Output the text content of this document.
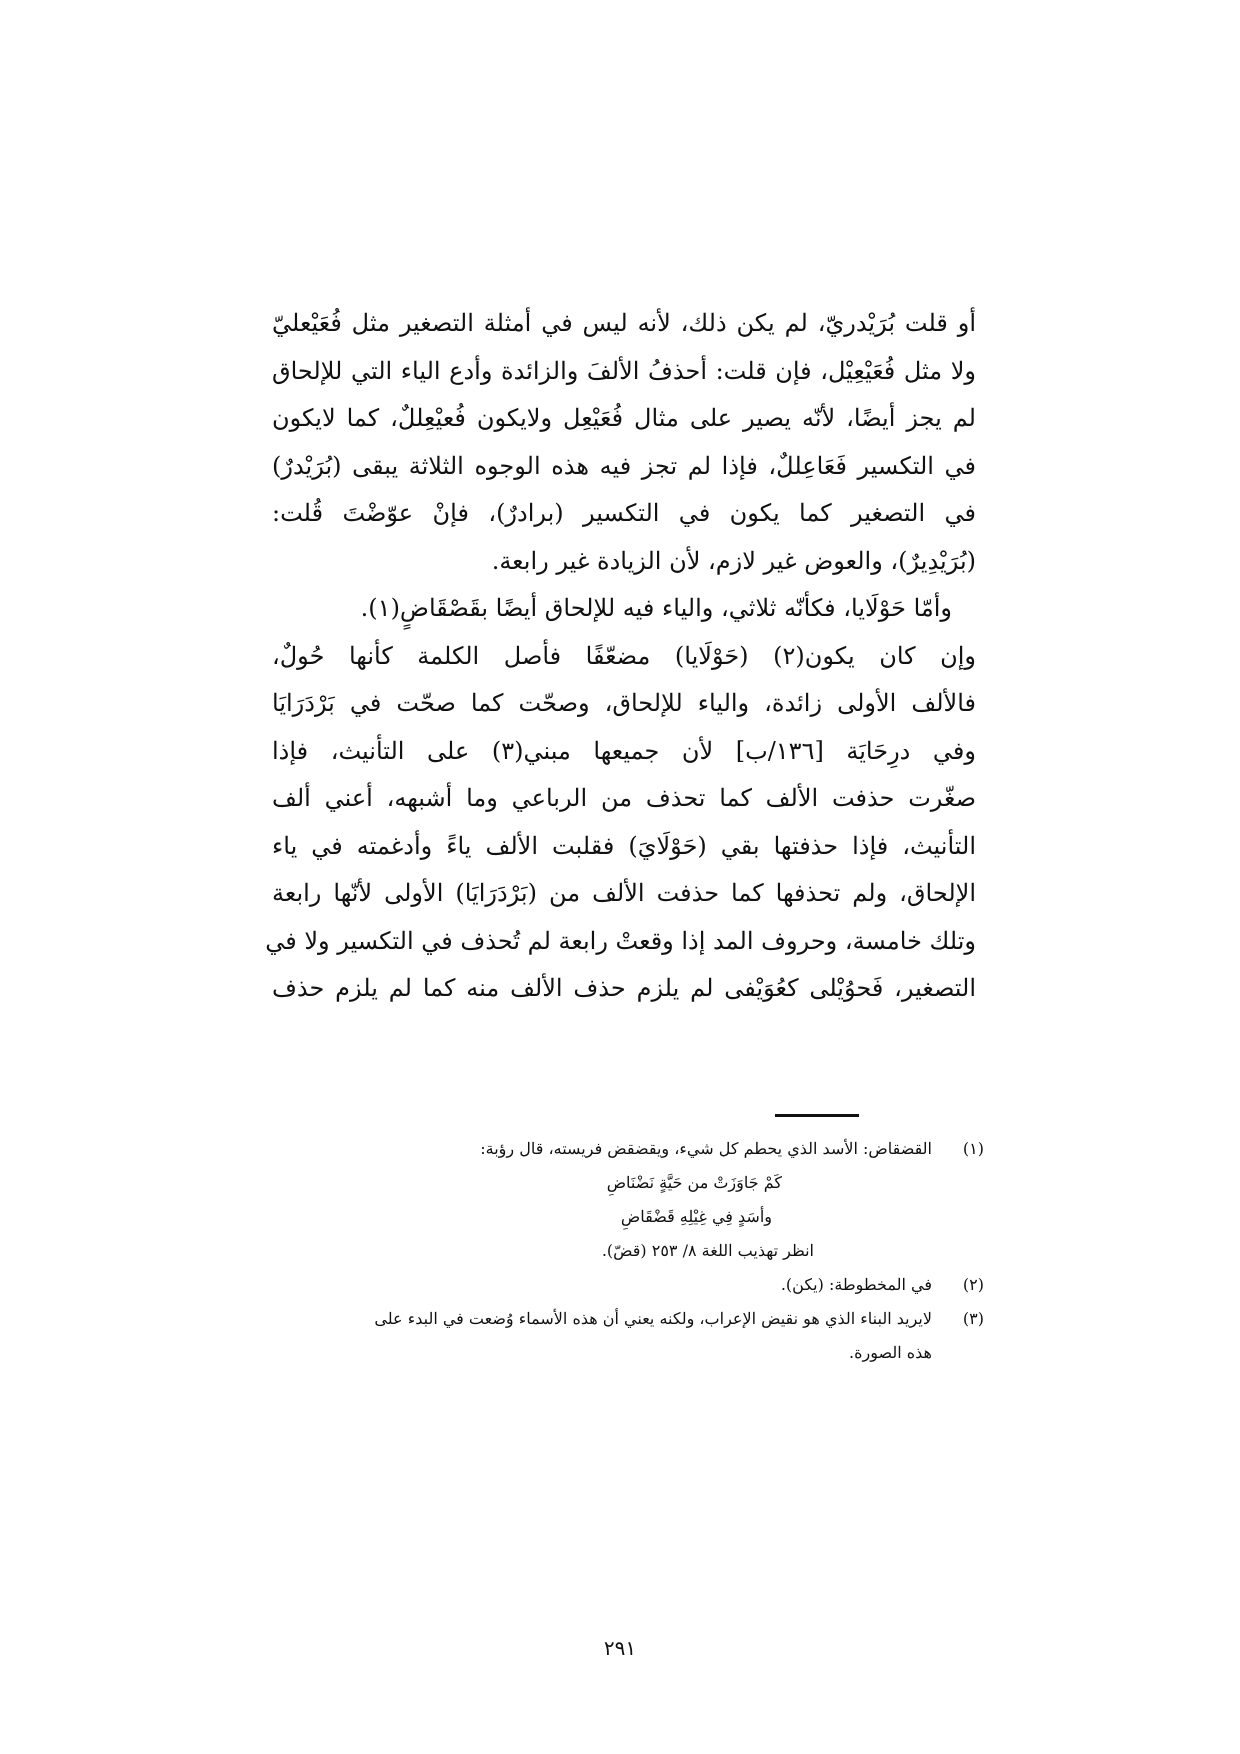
أو قلت بُرَيْدريّ، لم يكن ذلك، لأنه ليس في أمثلة التصغير مثل فُعَيْعليّ
ولا مثل فُعَيْعِيْل، فإن قلت: أحذفُ الألفَ والزائدة وأدع الياء التي للإلحاق
لم يجز أيضًا، لأنّه يصير على مثال فُعَيْعِل ولايكون فُعيْعِللٌ، كما لايكون
في التكسير فَعَاعِللٌ، فإذا لم تجز فيه هذه الوجوه الثلاثة يبقى (بُرَيْدرٌ)
في التصغير كما يكون في التكسير (برادرٌ)، فإنْ عوّضْتَ قُلت:
(بُرَيْدِيرٌ)، والعوض غير لازم، لأن الزيادة غير رابعة.
وأمّا حَوْلَايا، فكأنّه ثلاثي، والياء فيه للإلحاق أيضًا بقَصْقَاضٍ(١).
وإن كان يكون(٢) (حَوْلَايا) مضعّفًا فأصل الكلمة كأنها حُولٌ،
فالألف الأولى زائدة، والياء للإلحاق، وصحّت كما صحّت في بَرْدَرَايَا
وفي درِحَايَة [١٣٦/ب] لأن جميعها مبني(٣) على التأنيث، فإذا
صغّرت حذفت الألف كما تحذف من الرباعي وما أشبهه، أعني ألف
التأنيث، فإذا حذفتها بقي (حَوْلَايَ) فقلبت الألف ياءً وأدغمته في ياء
الإلحاق، ولم تحذفها كما حذفت الألف من (بَرْدَرَايَا) الأولى لأنّها رابعة
وتلك خامسة، وحروف المد إذا وقعتْ رابعة لم تُحذف في التكسير ولا في
التصغير، فَحوُيْلى كعُوَيْفى لم يلزم حذف الألف منه كما لم يلزم حذف
(١)
القضقاض: الأسد الذي يحطم كل شيء، ويقضقض فريسته، قال رؤبة:
كَمْ جَاوَزَتْ من حَيَّةٍ نَضْنَاضِ
وأسَدٍ فِي غِيْلِهِ قَضْقَاضِ
انظر تهذيب اللغة ٨/ ٢٥٣ (قضّ).
(٢)
في المخطوطة: (يكن).
(٣)
لايريد البناء الذي هو نقيض الإعراب، ولكنه يعني أن هذه الأسماء وُضعت في البدء على
هذه الصورة.
٢٩١
